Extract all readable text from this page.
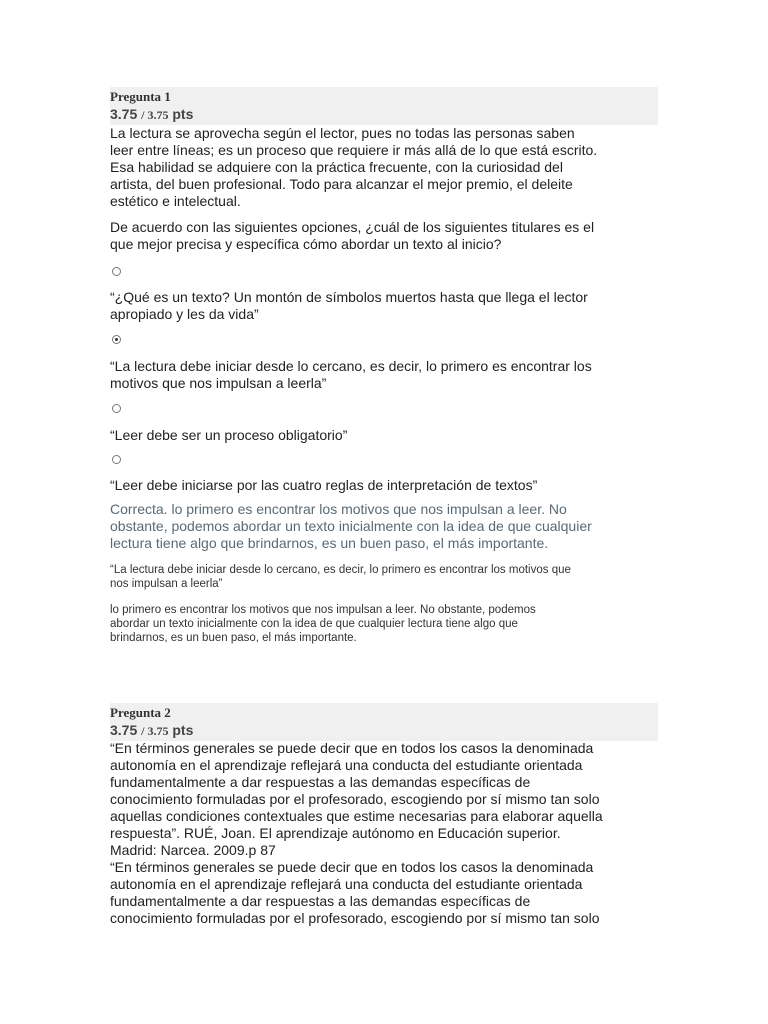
Pregunta 1
3.75 / 3.75 pts

La lectura se aprovecha según el lector, pues no todas las personas saben

leer entre líneas; es un proceso que requiere ir más allá de lo que está escrito.

Esa habilidad se adquiere con la práctica frecuente, con la curiosidad del

artista, del buen profesional. Todo para alcanzar el mejor premio, el deleite

estético e intelectual.

De acuerdo con las siguientes opciones, ¿cuál de los siguientes titulares es el

que mejor precisa y específica cómo abordar un texto al inicio?

“¿Qué es un texto? Un montón de símbolos muertos hasta que llega el lector

apropiado y les da vida”

“La lectura debe iniciar desde lo cercano, es decir, lo primero es encontrar los

motivos que nos impulsan a leerla”

“Leer debe ser un proceso obligatorio”

“Leer debe iniciarse por las cuatro reglas de interpretación de textos”

Correcta. lo primero es encontrar los motivos que nos impulsan a leer. No

obstante, podemos abordar un texto inicialmente con la idea de que cualquier

lectura tiene algo que brindarnos, es un buen paso, el más importante.

“La lectura debe iniciar desde lo cercano, es decir, lo primero es encontrar los motivos que

nos impulsan a leerla”

lo primero es encontrar los motivos que nos impulsan a leer. No obstante, podemos

abordar un texto inicialmente con la idea de que cualquier lectura tiene algo que

brindarnos, es un buen paso, el más importante.

Pregunta 2
3.75 / 3.75 pts

“En términos generales se puede decir que en todos los casos la denominada

autonomía en el aprendizaje reflejará una conducta del estudiante orientada

fundamentalmente a dar respuestas a las demandas específicas de

conocimiento formuladas por el profesorado, escogiendo por sí mismo tan solo

aquellas condiciones contextuales que estime necesarias para elaborar aquella

respuesta”. RUÉ, Joan. El aprendizaje autónomo en Educación superior.

Madrid: Narcea. 2009.p 87

“En términos generales se puede decir que en todos los casos la denominada

autonomía en el aprendizaje reflejará una conducta del estudiante orientada

fundamentalmente a dar respuestas a las demandas específicas de

conocimiento formuladas por el profesorado, escogiendo por sí mismo tan solo
